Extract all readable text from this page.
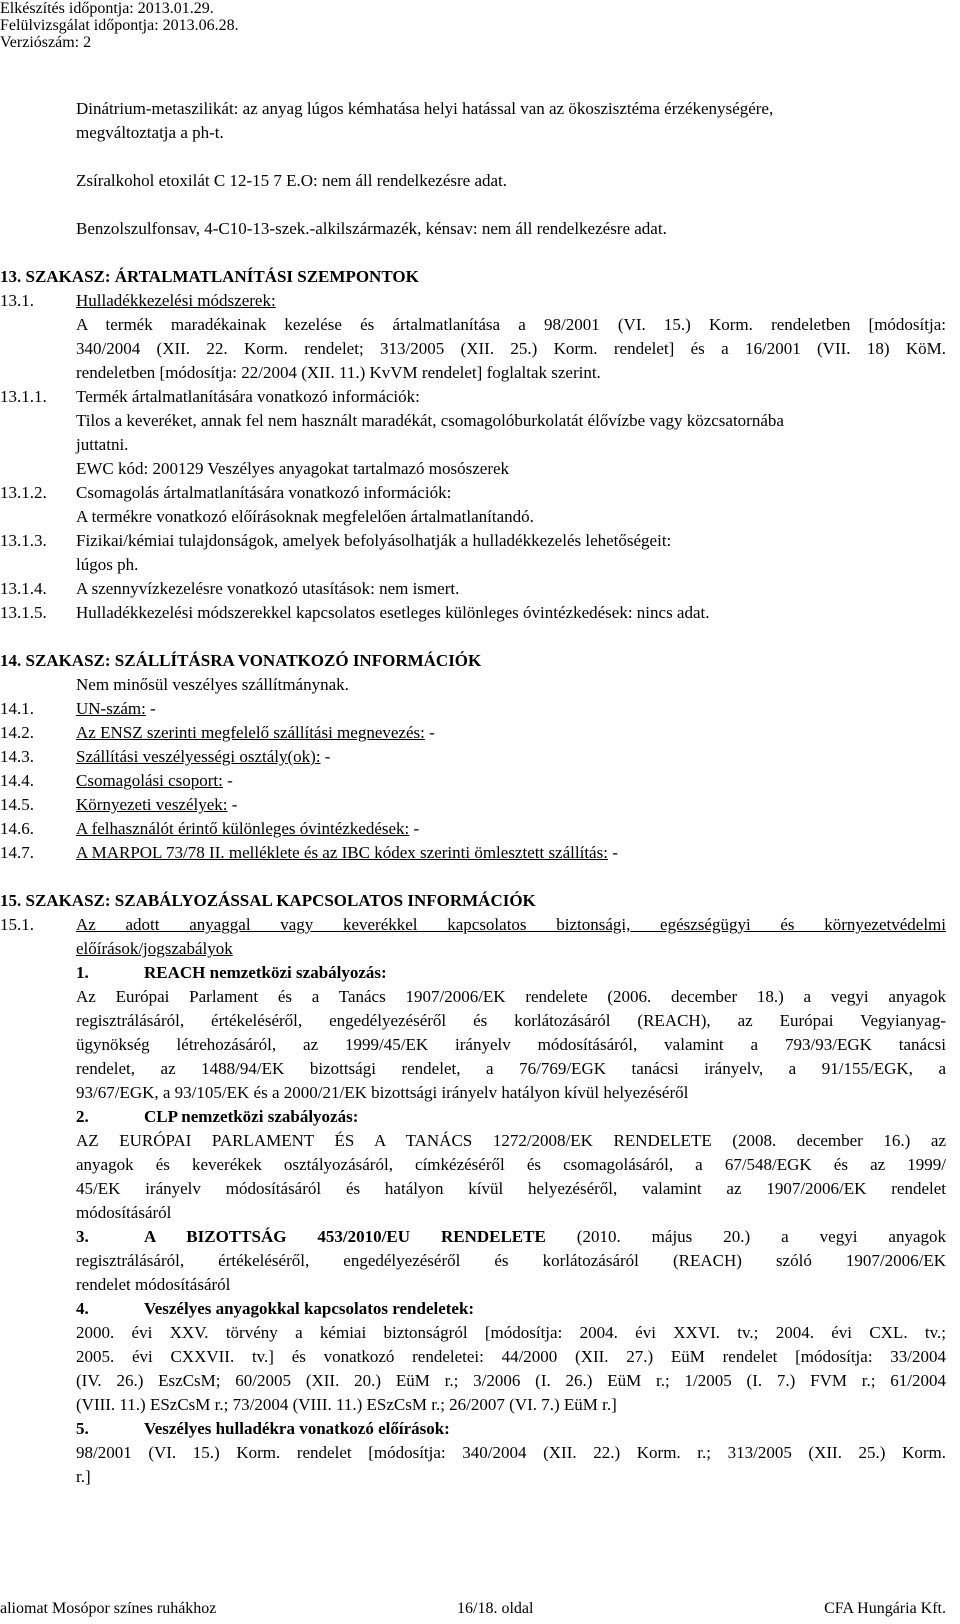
Elkészítés időpontja: 2013.01.29.
Felülvizsgálat időpontja: 2013.06.28.
Verziószám: 2
Dinátrium-metaszilikát: az anyag lúgos kémhatása helyi hatással van az ökoszisztéma érzékenységére,
megváltoztatja a ph-t.
Zsíralkohol etoxilát C 12-15 7 E.O: nem áll rendelkezésre adat.
Benzolszulfonsav, 4-C10-13-szek.-alkilszármazék, kénsav: nem áll rendelkezésre adat.
13. SZAKASZ: ÁRTALMATLANÍTÁSI SZEMPONTOK
13.1. Hulladékkezelési módszerek:
A termék maradékainak kezelése és ártalmatlanítása a 98/2001 (VI. 15.) Korm. rendeletben [módosítja:
340/2004 (XII. 22. Korm. rendelet; 313/2005 (XII. 25.) Korm. rendelet] és a 16/2001 (VII. 18) KöM.
rendeletben [módosítja: 22/2004 (XII. 11.) KvVM rendelet] foglaltak szerint.
13.1.1. Termék ártalmatlanítására vonatkozó információk:
Tilos a keveréket, annak fel nem használt maradékát, csomagolóburkolatát élővízbe vagy közcsatornába
juttatni.
EWC kód: 200129 Veszélyes anyagokat tartalmazó mosószerek
13.1.2. Csomagolás ártalmatlanítására vonatkozó információk:
A termékre vonatkozó előírásoknak megfelelően ártalmatlanítandó.
13.1.3. Fizikai/kémiai tulajdonságok, amelyek befolyásolhatják a hulladékkezelés lehetőségeit:
lúgos ph.
13.1.4. A szennyvízkezelésre vonatkozó utasítások: nem ismert.
13.1.5. Hulladékkezelési módszerekkel kapcsolatos esetleges különleges óvintézkedések: nincs adat.
14. SZAKASZ: SZÁLLÍTÁSRA VONATKOZÓ INFORMÁCIÓK
Nem minősül veszélyes szállítmánynak.
14.1. UN-szám: -
14.2. Az ENSZ szerinti megfelelő szállítási megnevezés: -
14.3. Szállítási veszélyességi osztály(ok): -
14.4. Csomagolási csoport: -
14.5. Környezeti veszélyek: -
14.6. A felhasználót érintő különleges óvintézkedések: -
14.7. A MARPOL 73/78 II. melléklete és az IBC kódex szerinti ömlesztett szállítás: -
15. SZAKASZ: SZABÁLYOZÁSSAL KAPCSOLATOS INFORMÁCIÓK
15.1. Az adott anyaggal vagy keverékkel kapcsolatos biztonsági, egészségügyi és környezetvédelmi
előírások/jogszabályok
1.	REACH nemzetközi szabályozás:
Az Európai Parlament és a Tanács 1907/2006/EK rendelete (2006. december 18.) a vegyi anyagok
regisztrálásáról, értékeléséről, engedélyezéséről és korlátozásáról (REACH), az Európai Vegyianyag-
ügynökség létrehozásáról, az 1999/45/EK irányelv módosításáról, valamint a 793/93/EGK tanácsi
rendelet, az 1488/94/EK bizottsági rendelet, a 76/769/EGK tanácsi irányelv, a 91/155/EGK, a
93/67/EGK, a 93/105/EK és a 2000/21/EK bizottsági irányelv hatályon kívül helyezéséről
2.	CLP nemzetközi szabályozás:
AZ EURÓPAI PARLAMENT ÉS A TANÁCS 1272/2008/EK RENDELETE (2008. december 16.) az
anyagok és keverékek osztályozásáról, címkézéséről és csomagolásáról, a 67/548/EGK és az 1999/
45/EK irányelv módosításáról és hatályon kívül helyezéséről, valamint az 1907/2006/EK rendelet
módosításáról
3.	A BIZOTTSÁG 453/2010/EU RENDELETE (2010. május 20.) a vegyi anyagok
regisztrálásáról, értékeléséről, engedélyezéséről és korlátozásáról (REACH) szóló 1907/2006/EK
rendelet módosításáról
4.	Veszélyes anyagokkal kapcsolatos rendeletek:
2000. évi XXV. törvény a kémiai biztonságról [módosítja: 2004. évi XXVI. tv.; 2004. évi CXL. tv.;
2005. évi CXXVII. tv.] és vonatkozó rendeletei: 44/2000 (XII. 27.) EüM rendelet [módosítja: 33/2004
(IV. 26.) EszCsM; 60/2005 (XII. 20.) EüM r.; 3/2006 (I. 26.) EüM r.; 1/2005 (I. 7.) FVM r.; 61/2004
(VIII. 11.) ESzCsM r.; 73/2004 (VIII. 11.) ESzCsM r.; 26/2007 (VI. 7.) EüM r.]
5.	Veszélyes hulladékra vonatkozó előírások:
98/2001 (VI. 15.) Korm. rendelet [módosítja: 340/2004 (XII. 22.) Korm. r.; 313/2005 (XII. 25.) Korm.
r.]
aliomat Mosópor színes ruhákhoz	16/18. oldal	CFA Hungária Kft.
